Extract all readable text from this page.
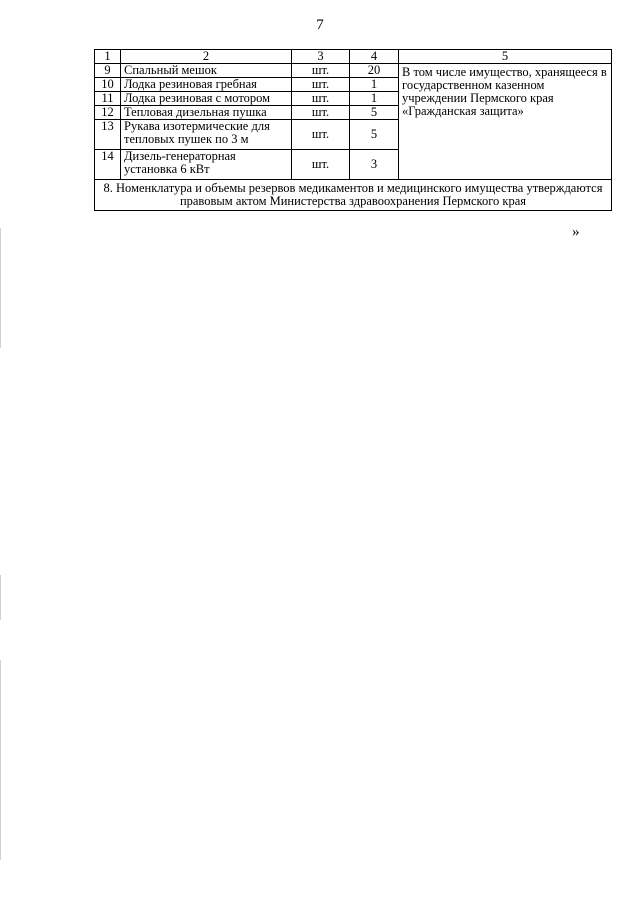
7
1	2	3	4	5
9	Спальный мешок	шт.	20	В том числе имущество, хранящееся в государственном казенном учреждении Пермского края «Гражданская защита»
10	Лодка резиновая гребная	шт.	1	
11	Лодка резиновая с мотором	шт.	1	
12	Тепловая дизельная пушка	шт.	5	
13	Рукава изотермические для тепловых пушек по 3 м	шт.	5	
14	Дизель-генераторная установка 6 кВт	шт.	3	
8. Номенклатура и объемы резервов медикаментов и медицинского имущества утверждаются правовым актом Министерства здравоохранения Пермского края				
»
